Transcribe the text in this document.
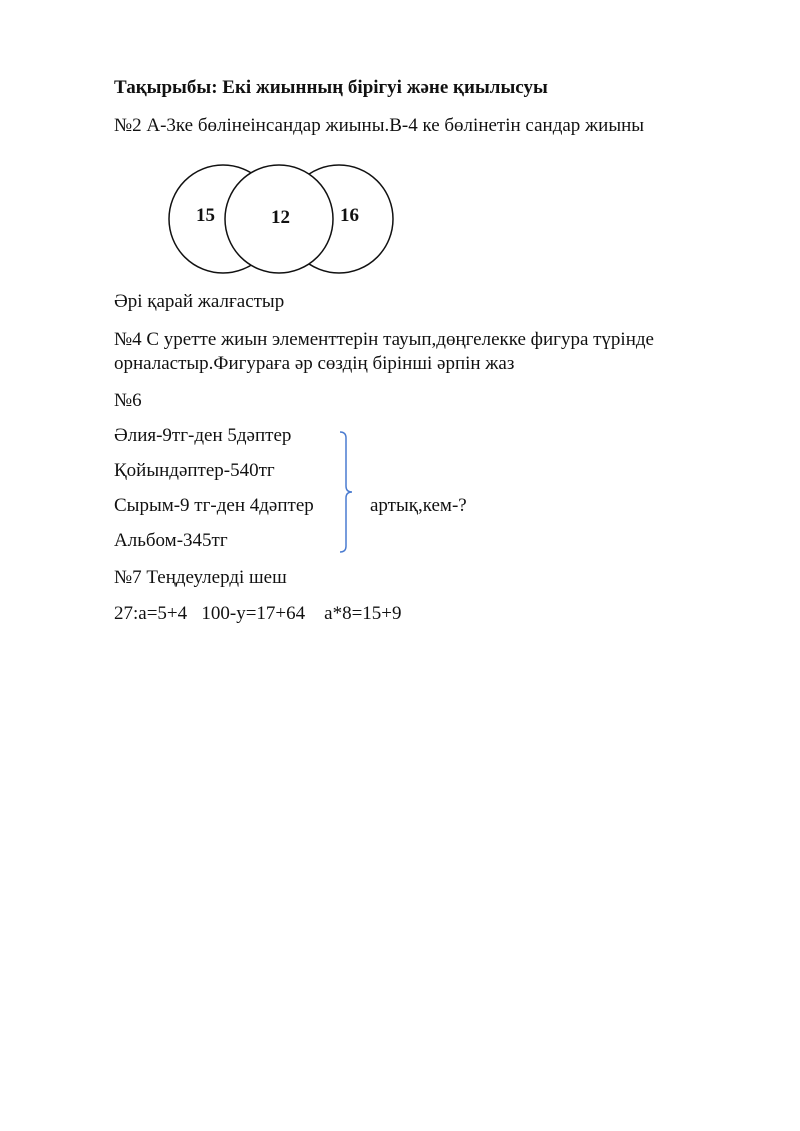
Тақырыбы: Екі жиынның бірігуі және қиылысуы
№2 А-3ке бөлінеінсандар жиыны.В-4 ке бөлінетін сандар жиыны
15	12	16
Әрі қарай жалғастыр
№4 С уретте жиын элементтерін тауып,дөңгелекке фигура түрінде
орналастыр.Фигураға әр сөздің бірінші әрпін жаз
№6
Әлия-9тг-ден 5дәптер
Қойындәптер-540тг
Сырым-9 тг-ден 4дәптер
Альбом-345тг
артық,кем-?
№7 Теңдеулерді шеш
27:a=5+4   100-y=17+64    a*8=15+9
